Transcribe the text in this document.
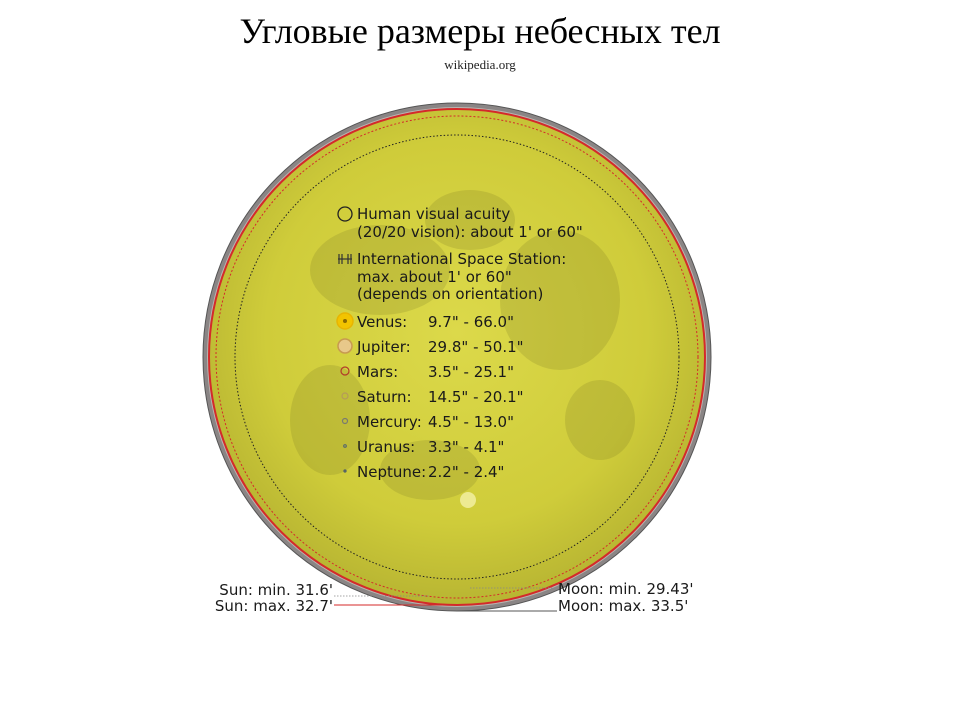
Угловые размеры небесных тел
wikipedia.org
Human visual acuity
(20/20 vision): about 1' or 60"
International Space Station:
max. about 1' or 60"
(depends on orientation)
Venus: 9.7" - 66.0"
Jupiter: 29.8" - 50.1"
Mars: 3.5" - 25.1"
Saturn: 14.5" - 20.1"
Mercury: 4.5" - 13.0"
Uranus: 3.3" - 4.1"
Neptune: 2.2" - 2.4"
Sun: min. 31.6'
Sun: max. 32.7'
Moon: min. 29.43'
Moon: max. 33.5'
